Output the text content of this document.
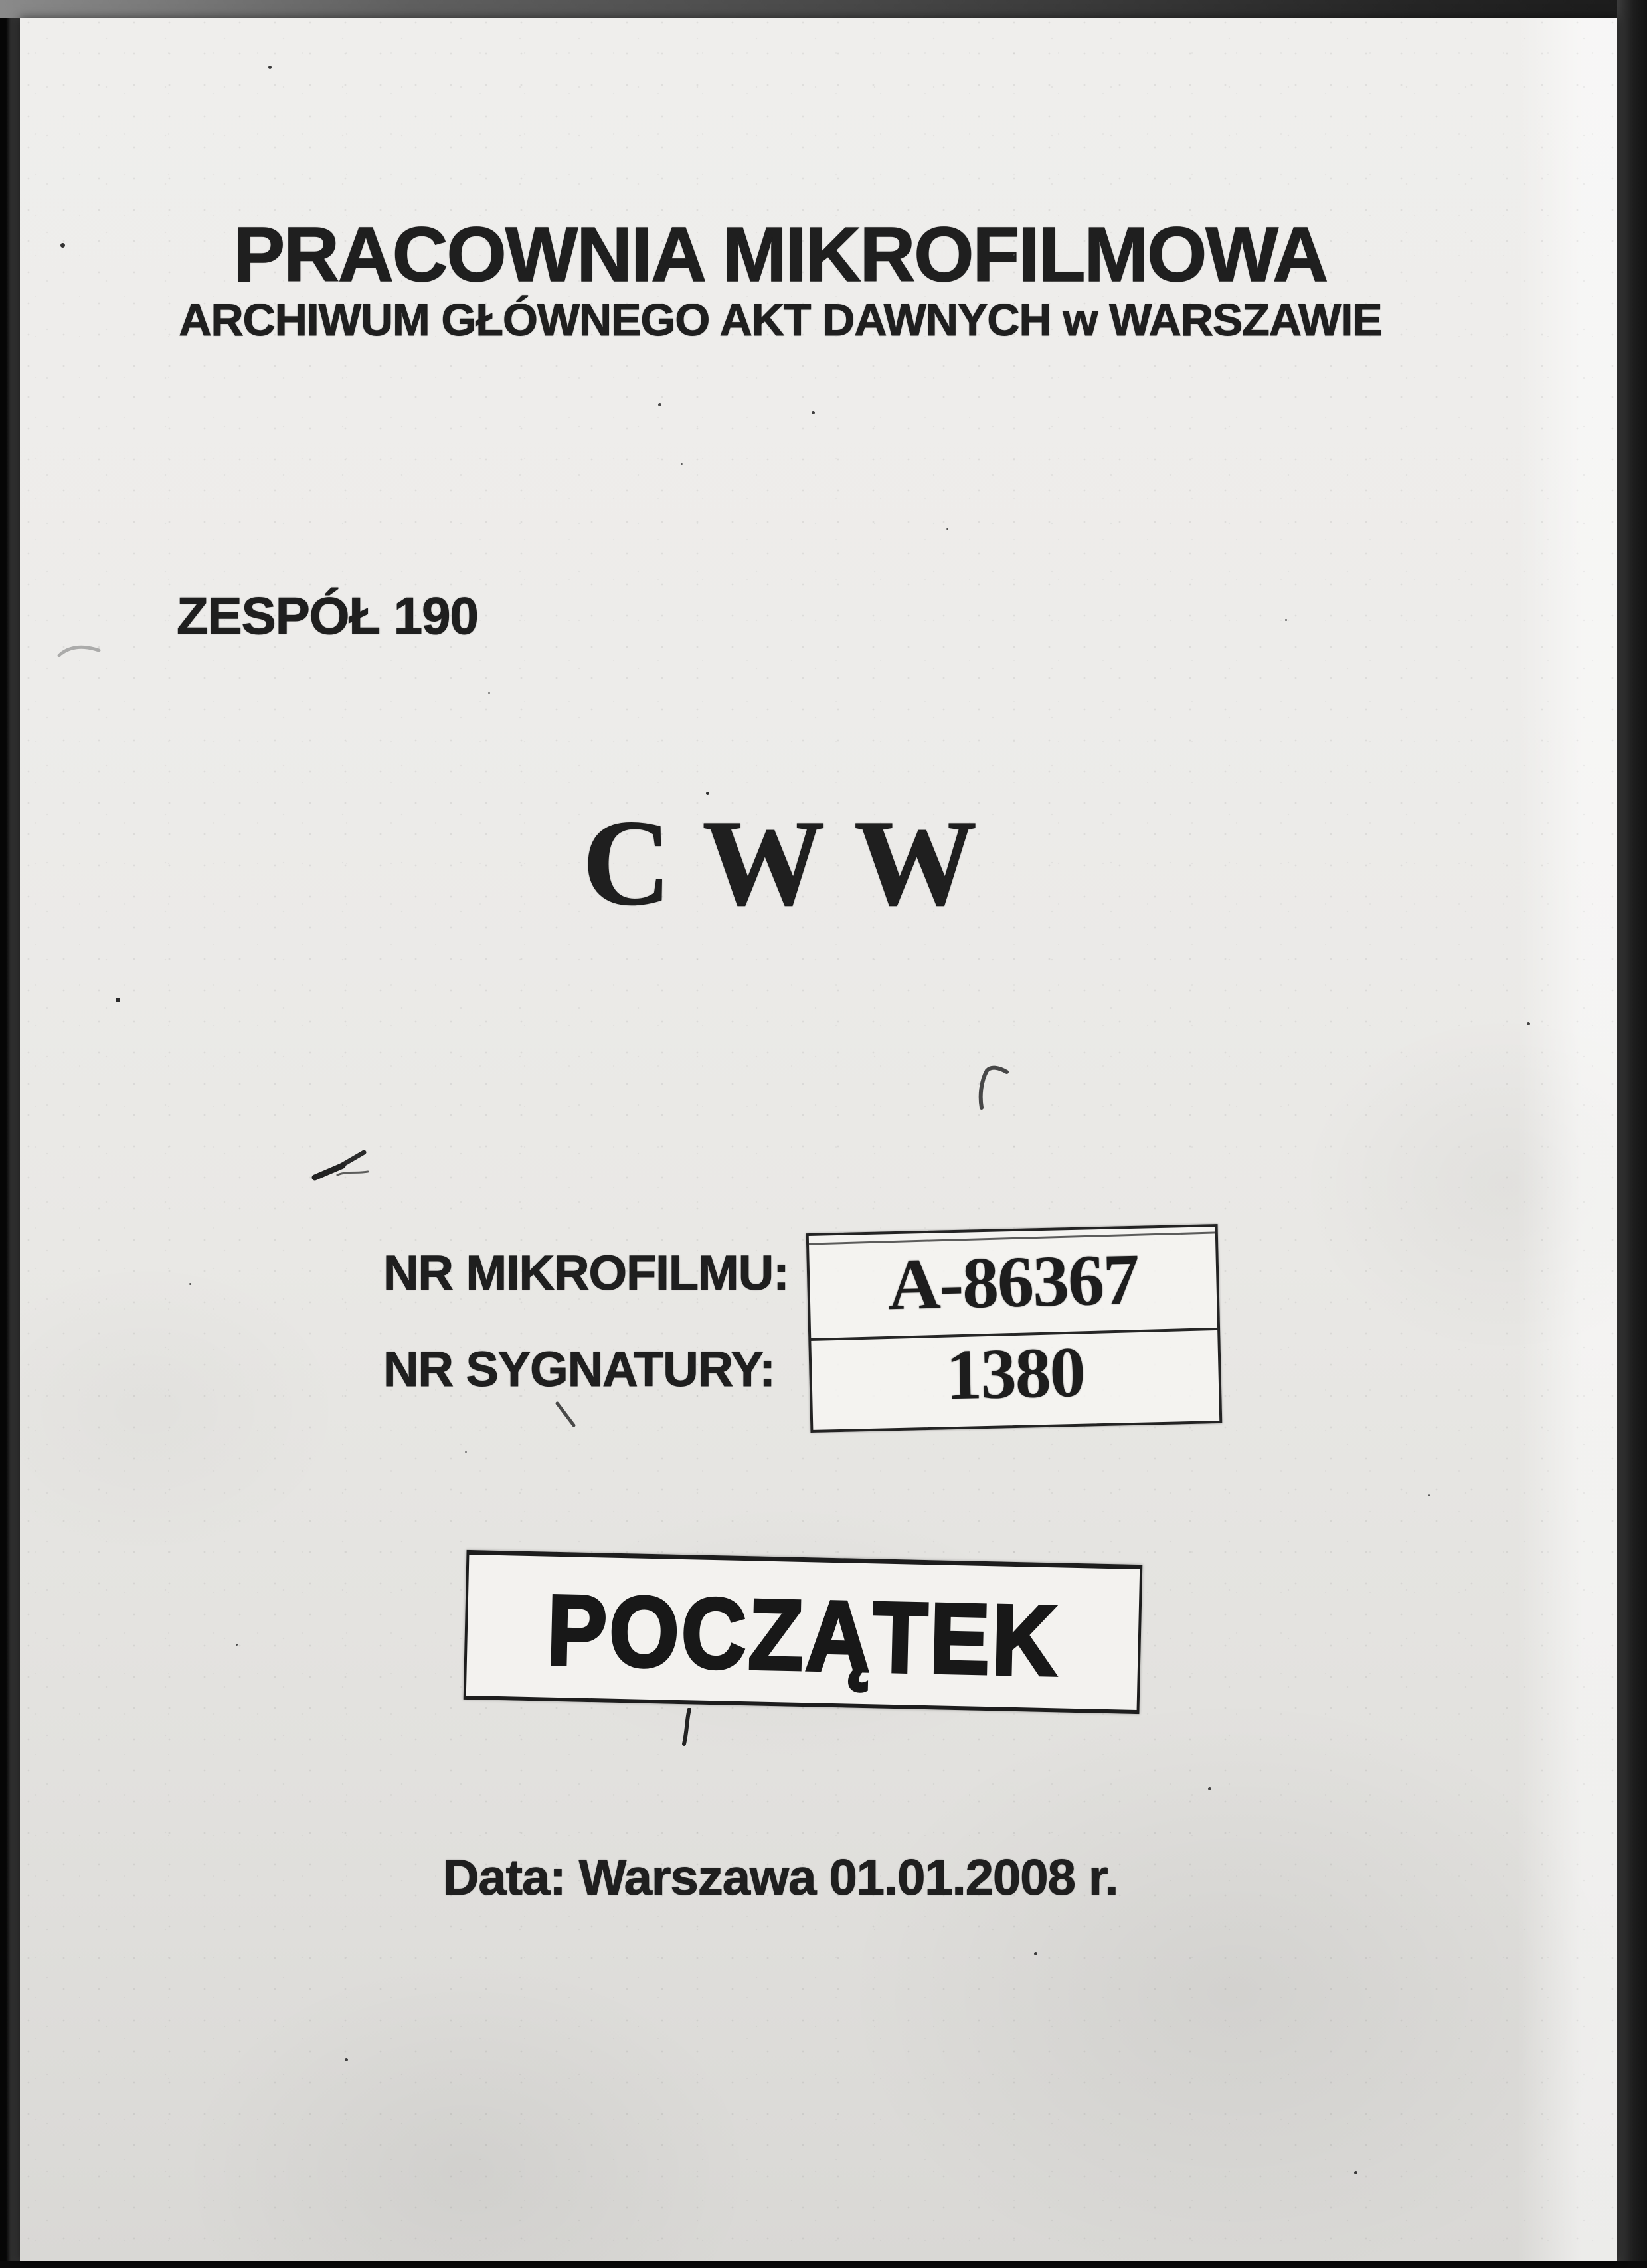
PRACOWNIA MIKROFILMOWA
ARCHIWUM GŁÓWNEGO AKT DAWNYCH w WARSZAWIE
C W W
Data: Warszawa 01.01.2008 r.
ZESPÓŁ 190
NR MIKROFILMU:
NR SYGNATURY:
A-86367
1380
POCZĄTEK
